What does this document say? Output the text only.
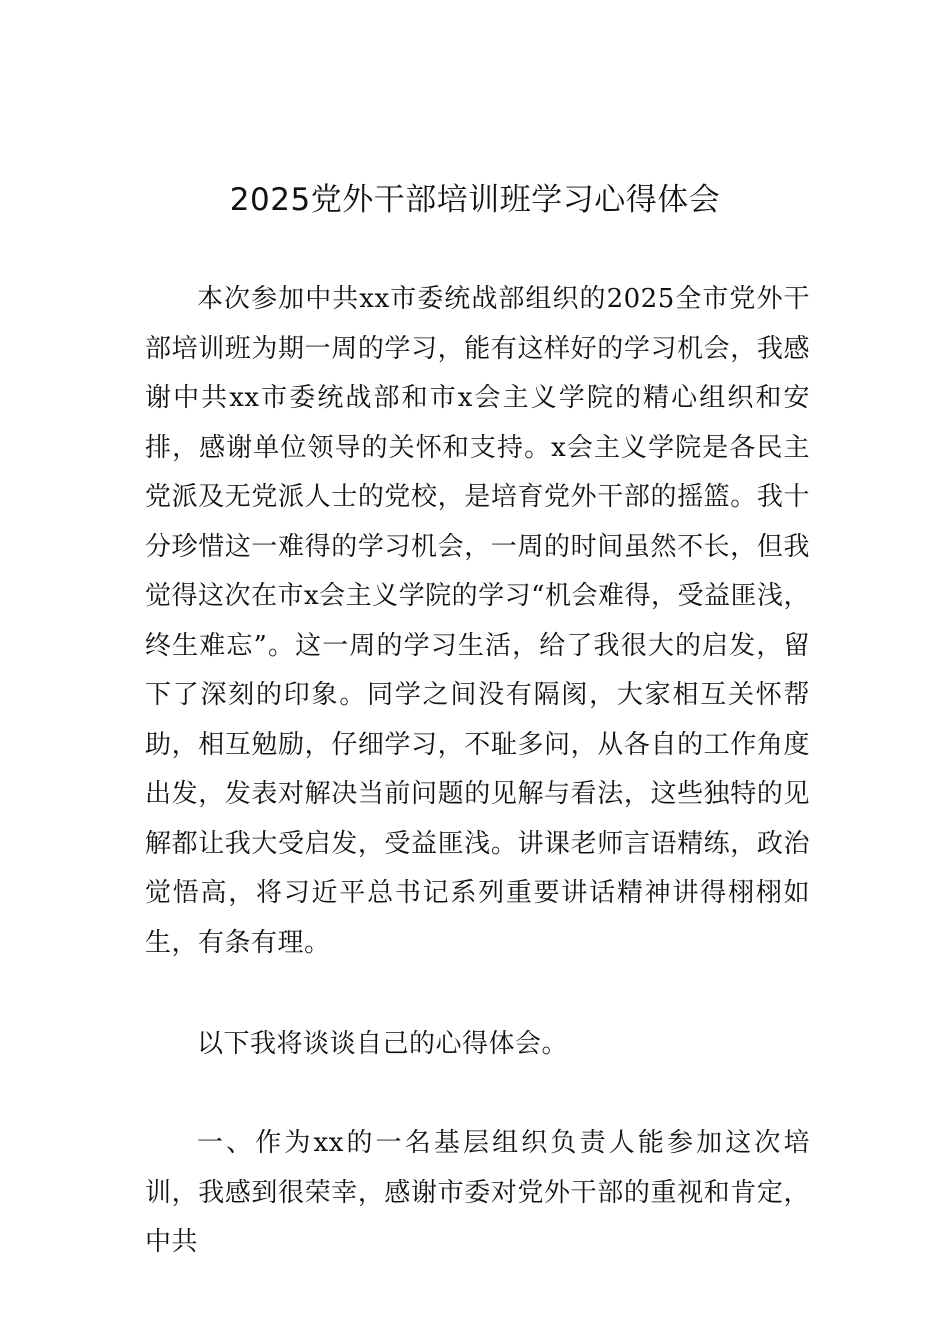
2025党外干部培训班学习心得体会

本次参加中共xx市委统战部组织的2025全市党外干部培训班为期一周的学习，能有这样好的学习机会，我感谢中共xx市委统战部和市x会主义学院的精心组织和安排，感谢单位领导的关怀和支持。x会主义学院是各民主党派及无党派人士的党校，是培育党外干部的摇篮。我十分珍惜这一难得的学习机会，一周的时间虽然不长，但我觉得这次在市x会主义学院的学习“机会难得，受益匪浅，终生难忘”。这一周的学习生活，给了我很大的启发，留下了深刻的印象。同学之间没有隔阂，大家相互关怀帮助，相互勉励，仔细学习，不耻多问，从各自的工作角度出发，发表对解决当前问题的见解与看法，这些独特的见解都让我大受启发，受益匪浅。讲课老师言语精练，政治觉悟高，将习近平总书记系列重要讲话精神讲得栩栩如生，有条有理。

以下我将谈谈自己的心得体会。

一、作为xx的一名基层组织负责人能参加这次培训，我感到很荣幸，感谢市委对党外干部的重视和肯定，中共
